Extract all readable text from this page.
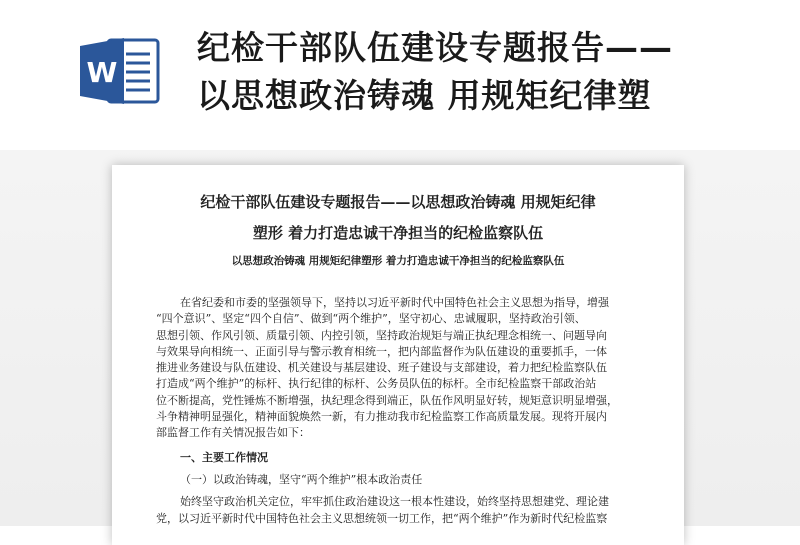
W
纪检干部队伍建设专题报告——
以思想政治铸魂 用规矩纪律塑
纪检干部队伍建设专题报告——以思想政治铸魂 用规矩纪律
塑形 着力打造忠诚干净担当的纪检监察队伍
以思想政治铸魂 用规矩纪律塑形 着力打造忠诚干净担当的纪检监察队伍
在省纪委和市委的坚强领导下，坚持以习近平新时代中国特色社会主义思想为指导，增强
“四个意识”、坚定“四个自信”、做到“两个维护”，坚守初心、忠诚履职，坚持政治引领、
思想引领、作风引领、质量引领、内控引领，坚持政治规矩与端正执纪理念相统一、问题导向
与效果导向相统一、正面引导与警示教育相统一，把内部监督作为队伍建设的重要抓手，一体
推进业务建设与队伍建设、机关建设与基层建设、班子建设与支部建设，着力把纪检监察队伍
打造成“两个维护”的标杆、执行纪律的标杆、公务员队伍的标杆。全市纪检监察干部政治站
位不断提高，党性锤炼不断增强，执纪理念得到端正，队伍作风明显好转，规矩意识明显增强，
斗争精神明显强化，精神面貌焕然一新，有力推动我市纪检监察工作高质量发展。现将开展内
部监督工作有关情况报告如下：
一、主要工作情况
（一）以政治铸魂，坚守“两个维护”根本政治责任
始终坚守政治机关定位，牢牢抓住政治建设这一根本性建设，始终坚持思想建党、理论建
党，以习近平新时代中国特色社会主义思想统领一切工作，把“两个维护”作为新时代纪检监察
